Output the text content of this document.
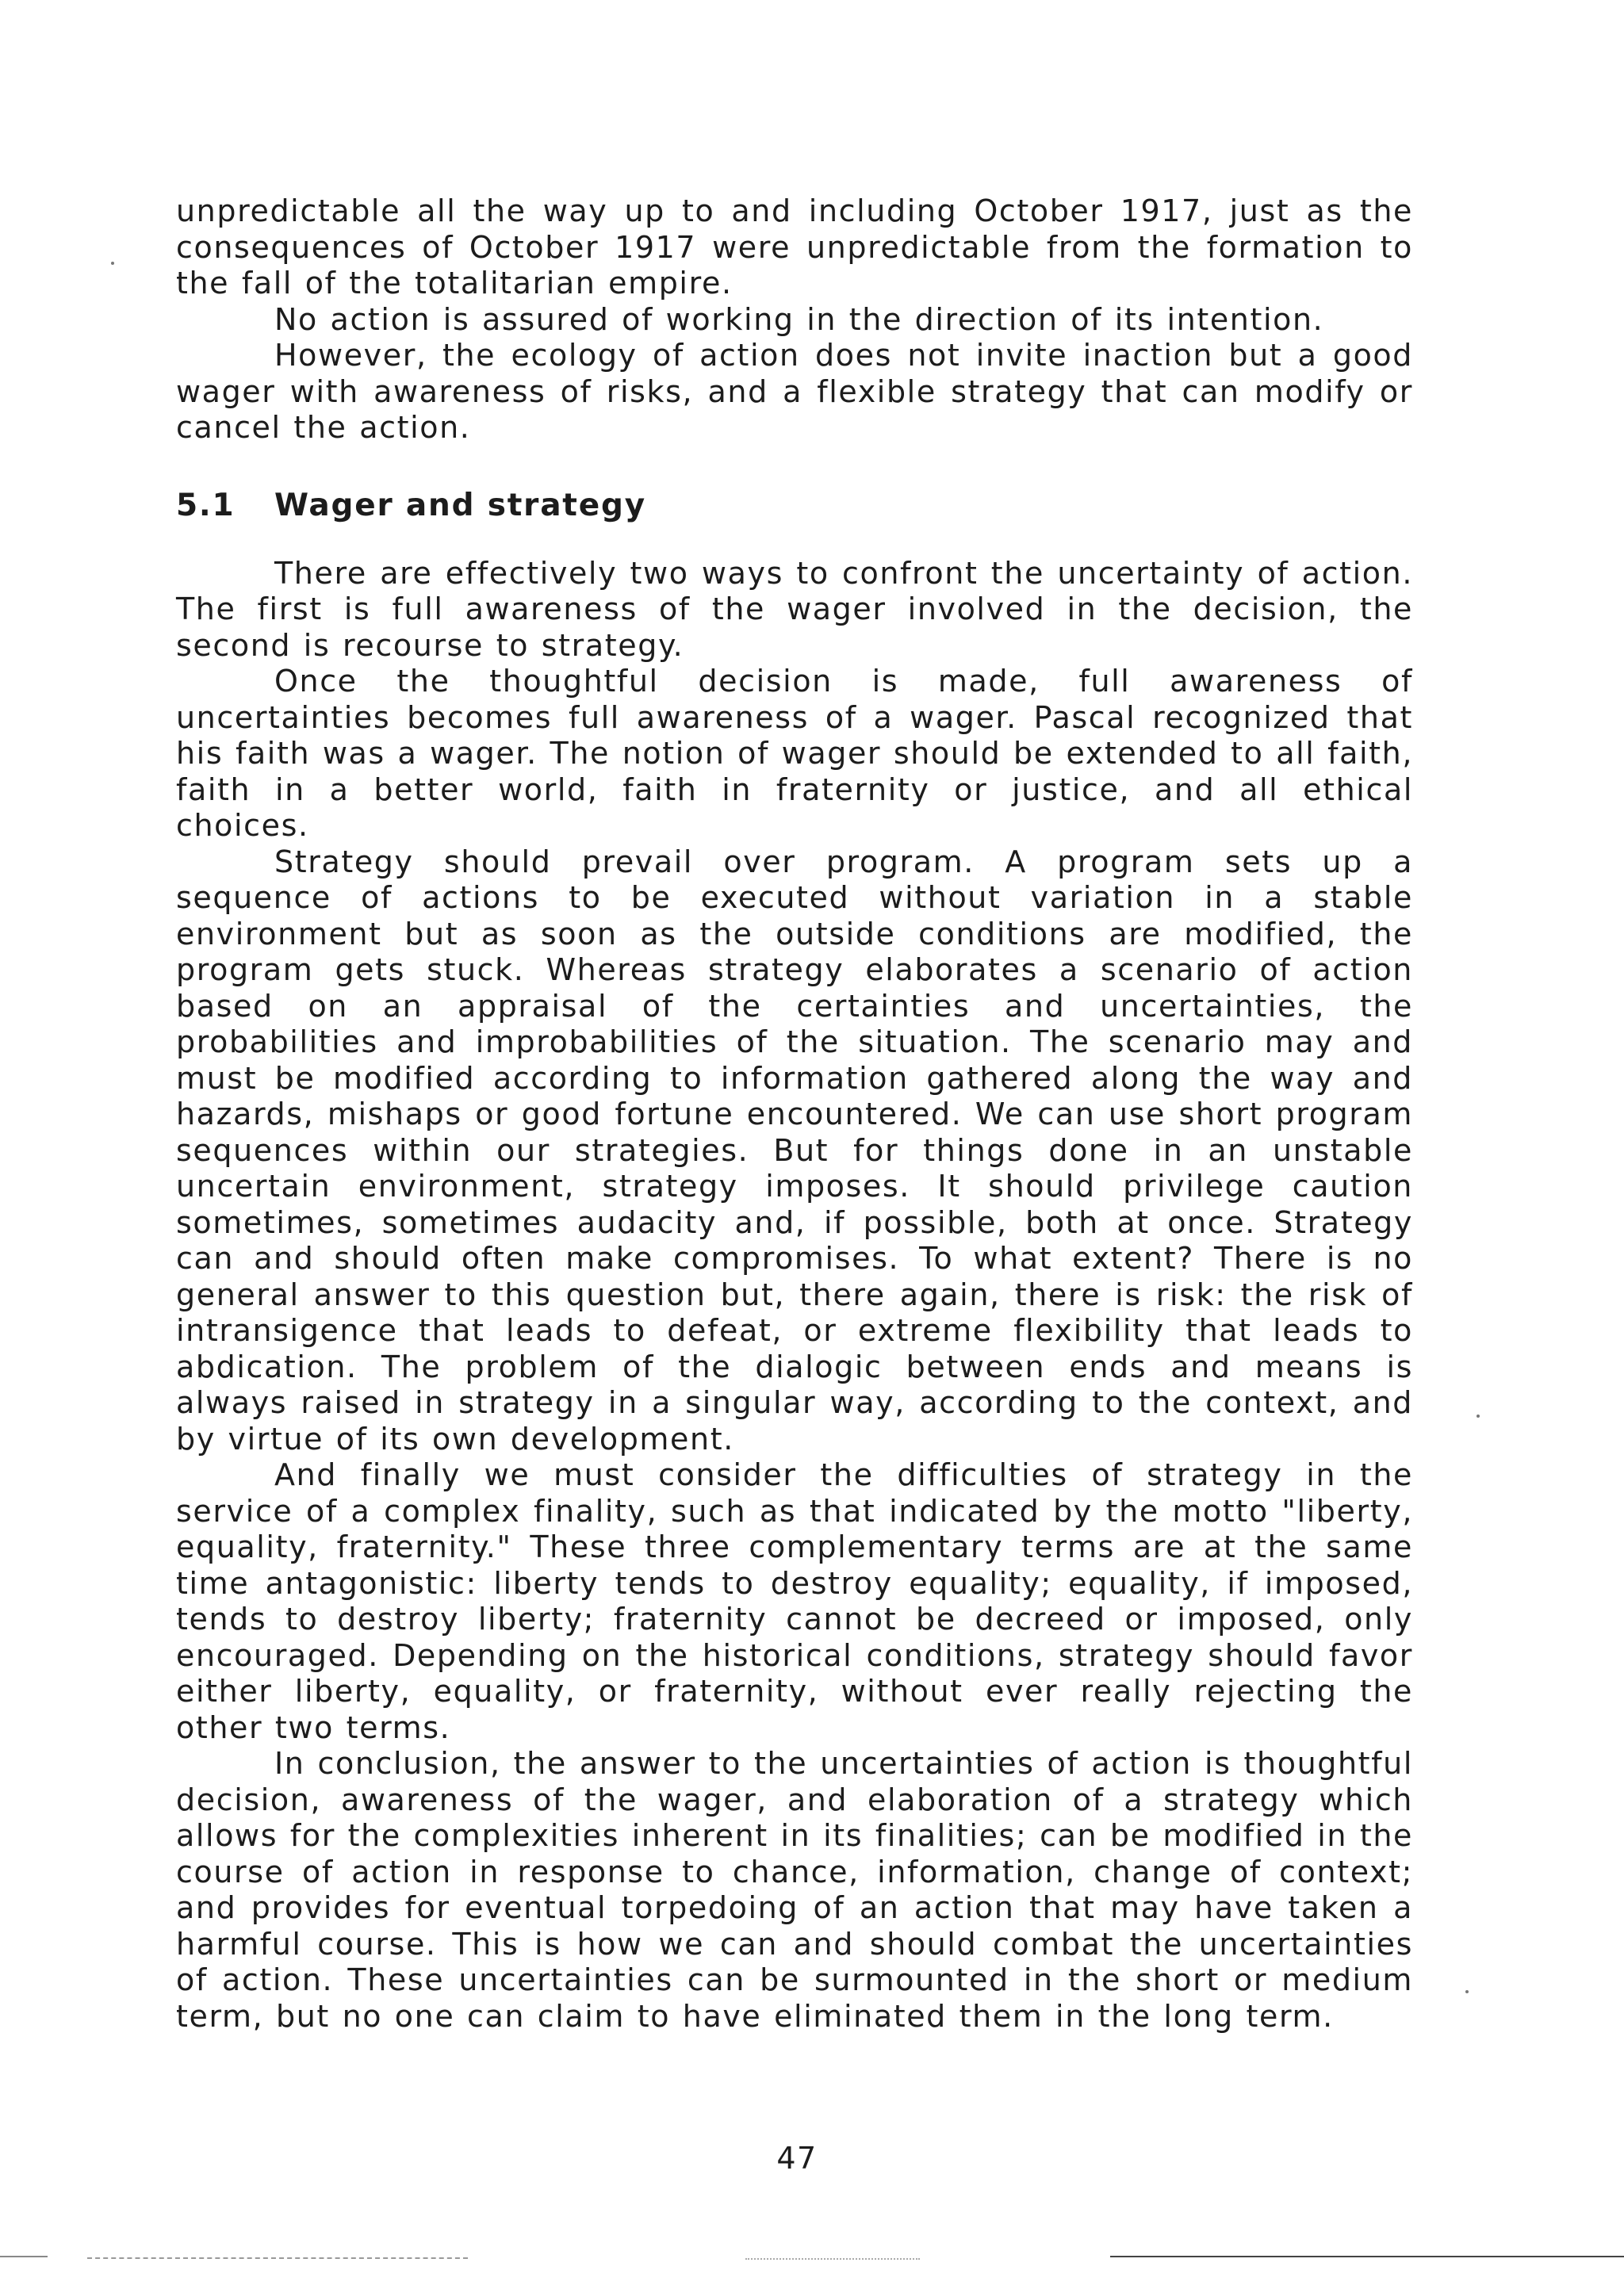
unpredictable all the way up to and including October 1917, just as the consequences of October 1917 were unpredictable from the formation to the fall of the totalitarian empire.

No action is assured of working in the direction of its intention.

However, the ecology of action does not invite inaction but a good wager with awareness of risks, and a flexible strategy that can modify or cancel the action.

5.1	Wager and strategy

There are effectively two ways to confront the uncertainty of action. The first is full awareness of the wager involved in the decision, the second is recourse to strategy.

Once the thoughtful decision is made, full awareness of uncertainties becomes full awareness of a wager. Pascal recognized that his faith was a wager. The notion of wager should be extended to all faith, faith in a better world, faith in fraternity or justice, and all ethical choices.

Strategy should prevail over program. A program sets up a sequence of actions to be executed without variation in a stable environment but as soon as the outside conditions are modified, the program gets stuck. Whereas strategy elaborates a scenario of action based on an appraisal of the certainties and uncertainties, the probabilities and improbabilities of the situation. The scenario may and must be modified according to information gathered along the way and hazards, mishaps or good fortune encountered. We can use short program sequences within our strategies. But for things done in an unstable uncertain environment, strategy imposes. It should privilege caution sometimes, sometimes audacity and, if possible, both at once. Strategy can and should often make compromises. To what extent? There is no general answer to this question but, there again, there is risk: the risk of intransigence that leads to defeat, or extreme flexibility that leads to abdication. The problem of the dialogic between ends and means is always raised in strategy in a singular way, according to the context, and by virtue of its own development.

And finally we must consider the difficulties of strategy in the service of a complex finality, such as that indicated by the motto "liberty, equality, fraternity." These three complementary terms are at the same time antagonistic: liberty tends to destroy equality; equality, if imposed, tends to destroy liberty; fraternity cannot be decreed or imposed, only encouraged. Depending on the historical conditions, strategy should favor either liberty, equality, or fraternity, without ever really rejecting the other two terms.

In conclusion, the answer to the uncertainties of action is thoughtful decision, awareness of the wager, and elaboration of a strategy which allows for the complexities inherent in its finalities; can be modified in the course of action in response to chance, information, change of context; and provides for eventual torpedoing of an action that may have taken a harmful course. This is how we can and should combat the uncertainties of action. These uncertainties can be surmounted in the short or medium term, but no one can claim to have eliminated them in the long term.

47
